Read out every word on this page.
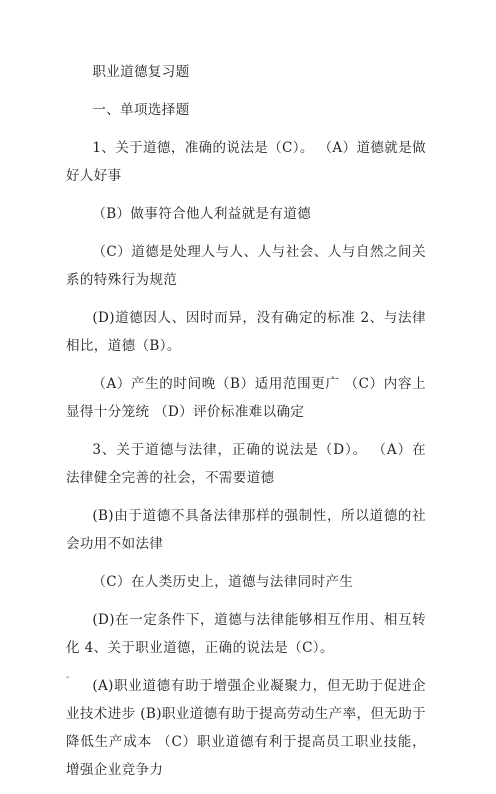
职业道德复习题

一、单项选择题

1、关于道德，准确的说法是（C）。 （A）道德就是做好人好事

（B）做事符合他人利益就是有道德

（C）道德是处理人与人、人与社会、人与自然之间关系的特殊行为规范

(D)道德因人、因时而异，没有确定的标准 2、与法律相比，道德（B）。

（A）产生的时间晚（B）适用范围更广 （C）内容上显得十分笼统 （D）评价标准难以确定

3、关于道德与法律，正确的说法是（D）。 （A）在法律健全完善的社会，不需要道德

(B)由于道德不具备法律那样的强制性，所以道德的社会功用不如法律

（C）在人类历史上，道德与法律同时产生

(D)在一定条件下，道德与法律能够相互作用、相互转化 4、关于职业道德，正确的说法是（C）。

(A)职业道德有助于增强企业凝聚力，但无助于促进企业技术进步 (B)职业道德有助于提高劳动生产率，但无助于降低生产成本 （C）职业道德有利于提高员工职业技能，增强企业竞争力

-
